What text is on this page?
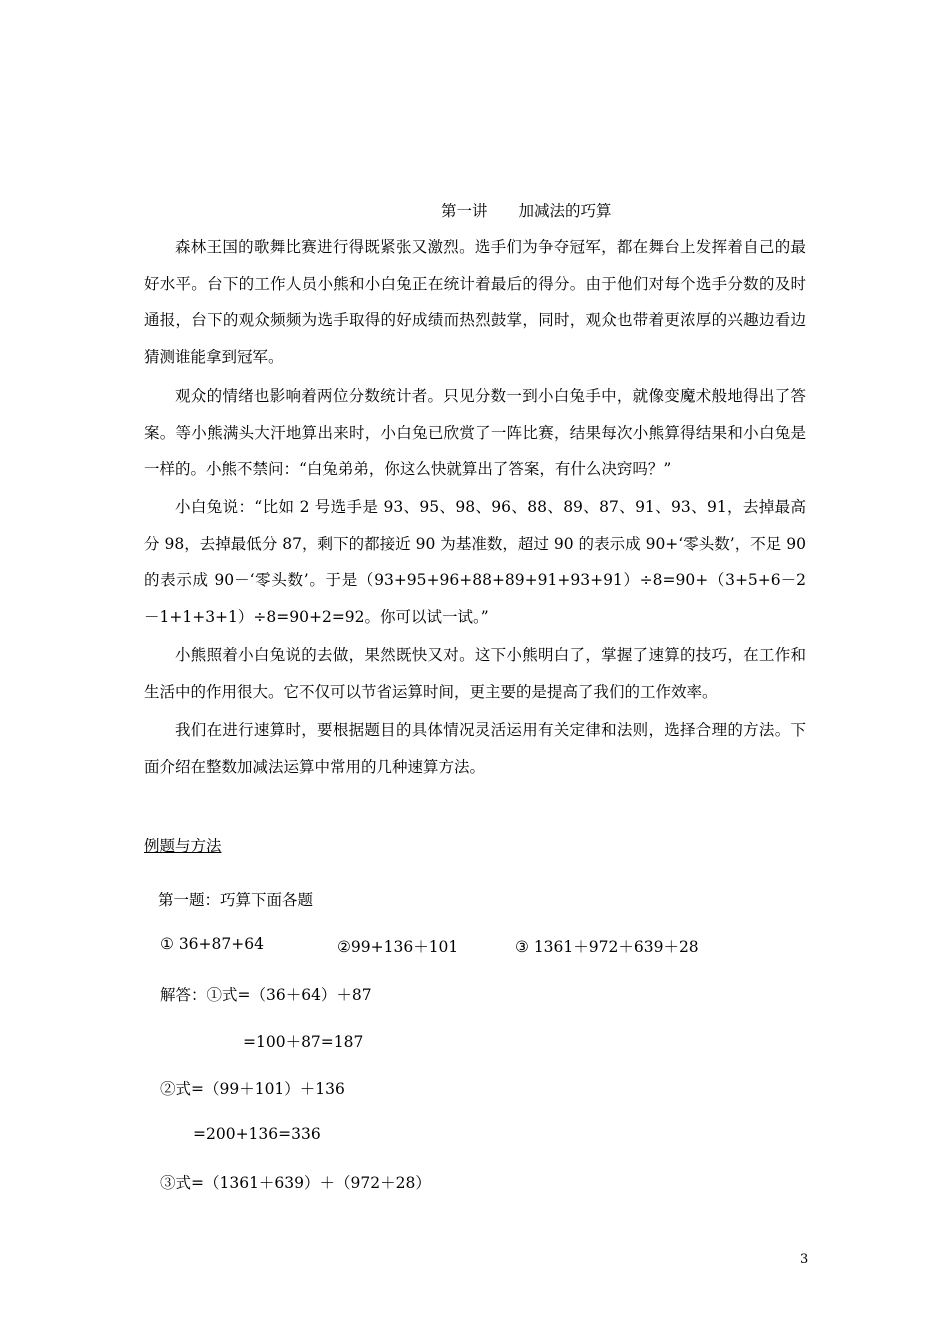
第一讲　　加减法的巧算

森林王国的歌舞比赛进行得既紧张又激烈。选手们为争夺冠军，都在舞台上发挥着自己的最好水平。台下的工作人员小熊和小白兔正在统计着最后的得分。由于他们对每个选手分数的及时通报，台下的观众频频为选手取得的好成绩而热烈鼓掌，同时，观众也带着更浓厚的兴趣边看边猜测谁能拿到冠军。

观众的情绪也影响着两位分数统计者。只见分数一到小白兔手中，就像变魔术般地得出了答案。等小熊满头大汗地算出来时，小白兔已欣赏了一阵比赛，结果每次小熊算得结果和小白兔是一样的。小熊不禁问：“白兔弟弟，你这么快就算出了答案，有什么决窍吗？”

小白兔说：“比如 2 号选手是 93、95、98、96、88、89、87、91、93、91，去掉最高分 98，去掉最低分 87，剩下的都接近 90 为基准数，超过 90 的表示成 90+‘零头数’，不足 90 的表示成 90－‘零头数’。于是（93+95+96+88+89+91+93+91）÷8=90+（3+5+6－2－1+1+3+1）÷8=90+2=92。你可以试一试。”

小熊照着小白兔说的去做，果然既快又对。这下小熊明白了，掌握了速算的技巧，在工作和生活中的作用很大。它不仅可以节省运算时间，更主要的是提高了我们的工作效率。

我们在进行速算时，要根据题目的具体情况灵活运用有关定律和法则，选择合理的方法。下面介绍在整数加减法运算中常用的几种速算方法。

例题与方法
第一题：巧算下面各题
① 36+87+64	②99+136＋101	③ 1361＋972＋639＋28
解答：①式=（36＋64）＋87
=100＋87=187
②式=（99＋101）＋136
=200+136=336
③式=（1361＋639）＋（972＋28）
3
